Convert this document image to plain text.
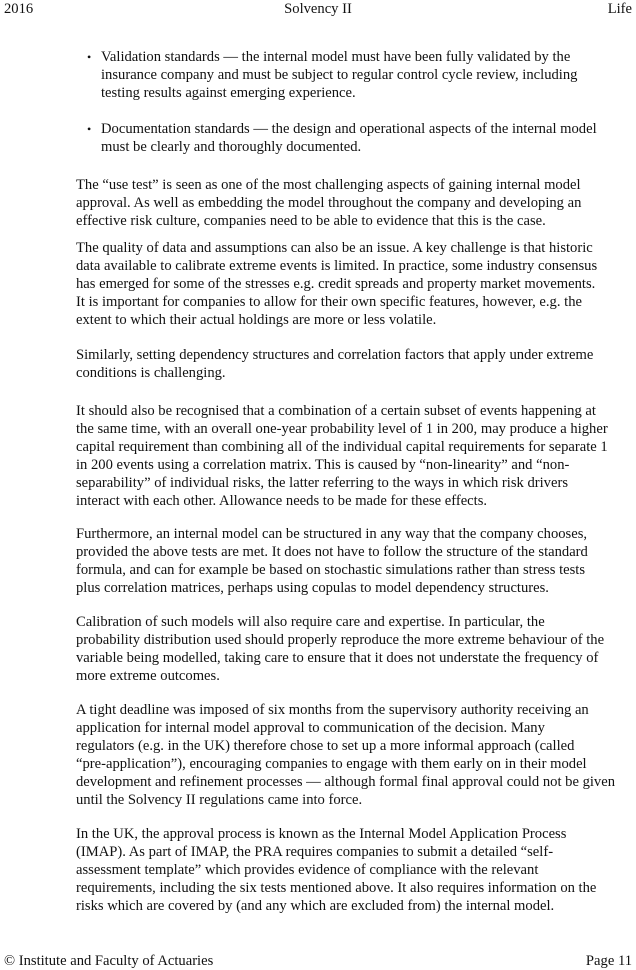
2016	Solvency II	Life
• Validation standards — the internal model must have been fully validated by the
insurance company and must be subject to regular control cycle review, including
testing results against emerging experience.
• Documentation standards — the design and operational aspects of the internal model
must be clearly and thoroughly documented.
The “use test” is seen as one of the most challenging aspects of gaining internal model
approval. As well as embedding the model throughout the company and developing an
effective risk culture, companies need to be able to evidence that this is the case.
The quality of data and assumptions can also be an issue. A key challenge is that historic
data available to calibrate extreme events is limited. In practice, some industry consensus
has emerged for some of the stresses e.g. credit spreads and property market movements.
It is important for companies to allow for their own specific features, however, e.g. the
extent to which their actual holdings are more or less volatile.
Similarly, setting dependency structures and correlation factors that apply under extreme
conditions is challenging.
It should also be recognised that a combination of a certain subset of events happening at
the same time, with an overall one-year probability level of 1 in 200, may produce a higher
capital requirement than combining all of the individual capital requirements for separate 1
in 200 events using a correlation matrix. This is caused by “non-linearity” and “non-
separability” of individual risks, the latter referring to the ways in which risk drivers
interact with each other. Allowance needs to be made for these effects.
Furthermore, an internal model can be structured in any way that the company chooses,
provided the above tests are met. It does not have to follow the structure of the standard
formula, and can for example be based on stochastic simulations rather than stress tests
plus correlation matrices, perhaps using copulas to model dependency structures.
Calibration of such models will also require care and expertise. In particular, the
probability distribution used should properly reproduce the more extreme behaviour of the
variable being modelled, taking care to ensure that it does not understate the frequency of
more extreme outcomes.
A tight deadline was imposed of six months from the supervisory authority receiving an
application for internal model approval to communication of the decision. Many
regulators (e.g. in the UK) therefore chose to set up a more informal approach (called
“pre-application”), encouraging companies to engage with them early on in their model
development and refinement processes — although formal final approval could not be given
until the Solvency II regulations came into force.
In the UK, the approval process is known as the Internal Model Application Process
(IMAP). As part of IMAP, the PRA requires companies to submit a detailed “self-
assessment template” which provides evidence of compliance with the relevant
requirements, including the six tests mentioned above. It also requires information on the
risks which are covered by (and any which are excluded from) the internal model.
© Institute and Faculty of Actuaries	Page 11
